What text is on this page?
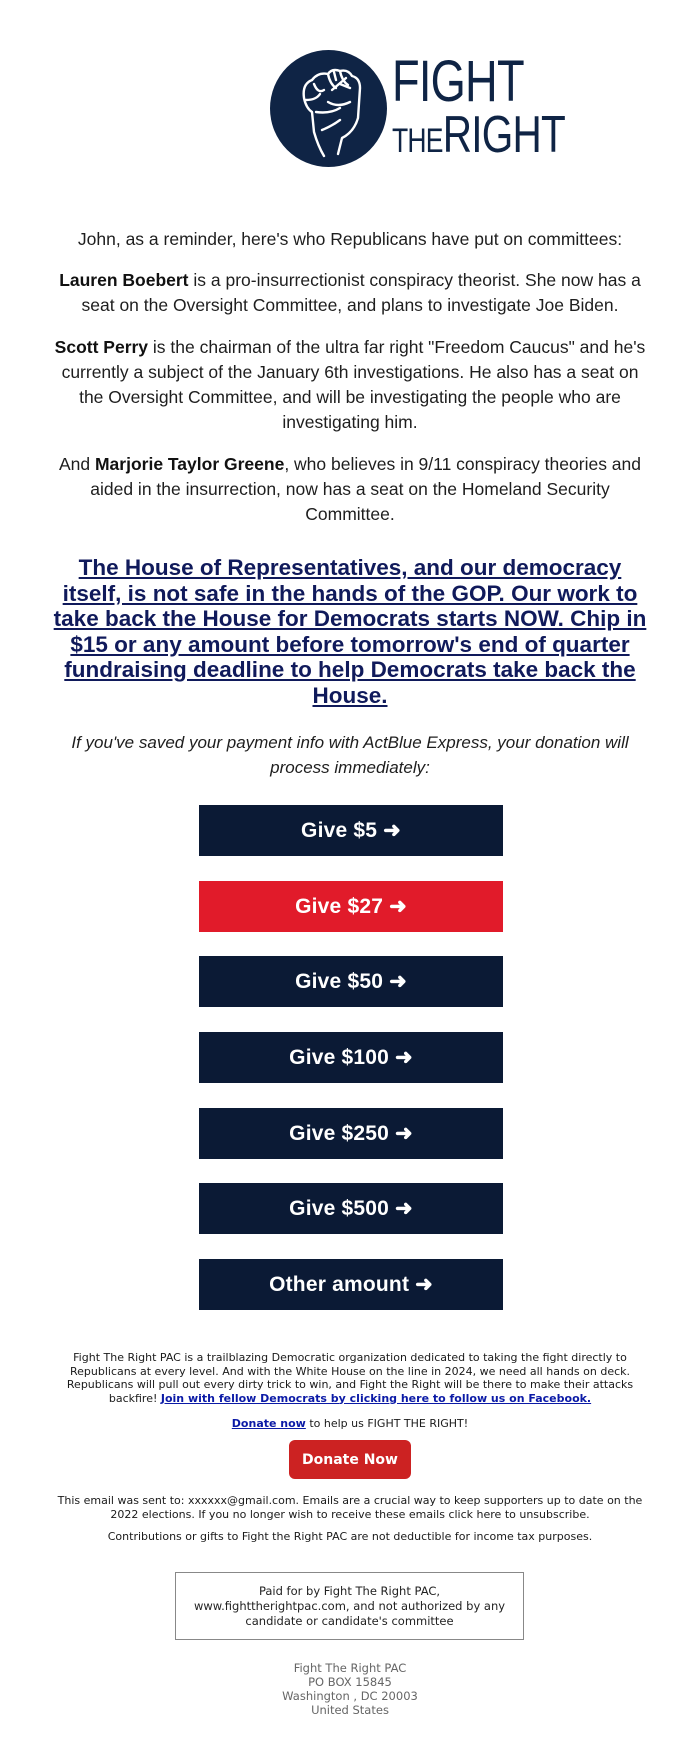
FIGHT
THERIGHT

John, as a reminder, here's who Republicans have put on committees:

Lauren Boebert is a pro-insurrectionist conspiracy theorist. She now has a seat on the Oversight Committee, and plans to investigate Joe Biden.

Scott Perry is the chairman of the ultra far right "Freedom Caucus" and he's currently a subject of the January 6th investigations. He also has a seat on the Oversight Committee, and will be investigating the people who are investigating him.

And Marjorie Taylor Greene, who believes in 9/11 conspiracy theories and aided in the insurrection, now has a seat on the Homeland Security Committee.

The House of Representatives, and our democracy itself, is not safe in the hands of the GOP. Our work to take back the House for Democrats starts NOW. Chip in $15 or any amount before tomorrow's end of quarter fundraising deadline to help Democrats take back the House.

If you've saved your payment info with ActBlue Express, your donation will process immediately:

Give $5 ➜
Give $27 ➜
Give $50 ➜
Give $100 ➜
Give $250 ➜
Give $500 ➜
Other amount ➜

Fight The Right PAC is a trailblazing Democratic organization dedicated to taking the fight directly to Republicans at every level. And with the White House on the line in 2024, we need all hands on deck. Republicans will pull out every dirty trick to win, and Fight the Right will be there to make their attacks backfire! Join with fellow Democrats by clicking here to follow us on Facebook.

Donate now to help us FIGHT THE RIGHT!

Donate Now

This email was sent to: xxxxxx@gmail.com. Emails are a crucial way to keep supporters up to date on the 2022 elections. If you no longer wish to receive these emails click here to unsubscribe.

Contributions or gifts to Fight the Right PAC are not deductible for income tax purposes.

Paid for by Fight The Right PAC, www.fighttherightpac.com, and not authorized by any candidate or candidate's committee
Fight The Right PAC
PO BOX 15845
Washington , DC 20003
United States
